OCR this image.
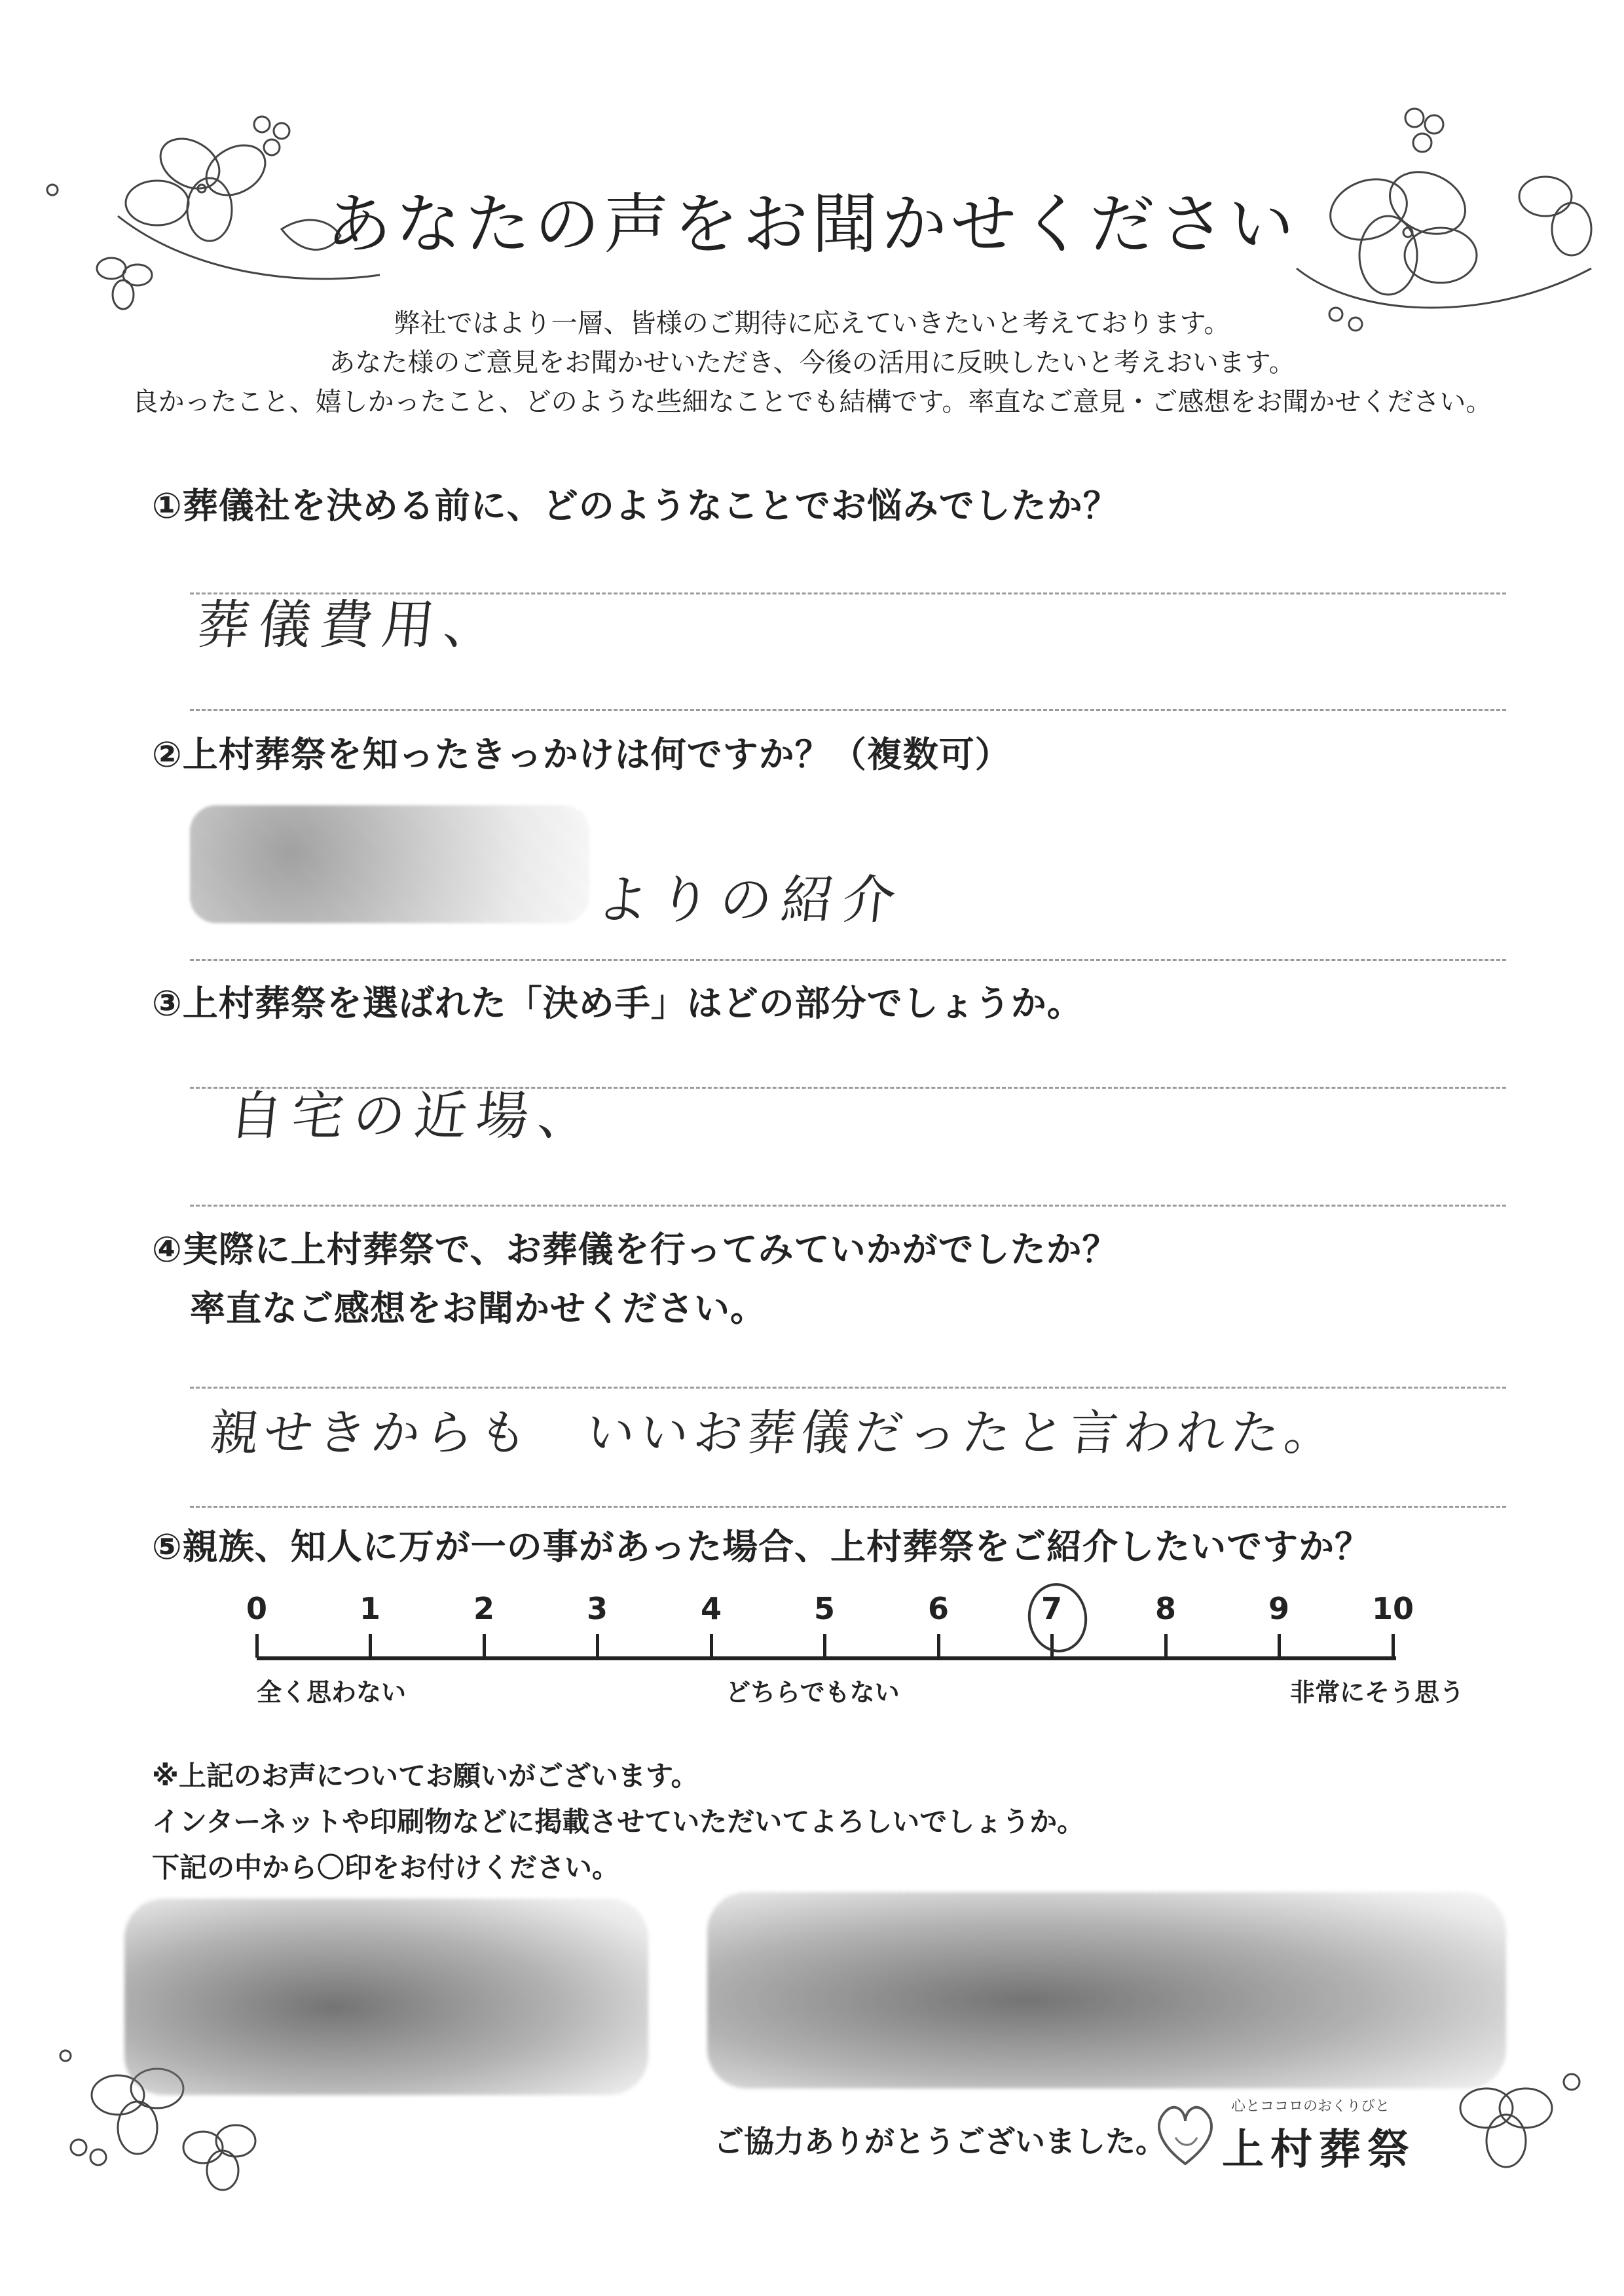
あなたの声をお聞かせください
弊社ではより一層、皆様のご期待に応えていきたいと考えております。
あなた様のご意見をお聞かせいただき、今後の活用に反映したいと考えおいます。
良かったこと、嬉しかったこと、どのような些細なことでも結構です。率直なご意見・ご感想をお聞かせください。
①葬儀社を決める前に、どのようなことでお悩みでしたか？
葬儀費用、
②上村葬祭を知ったきっかけは何ですか？（複数可）
よりの紹介
③上村葬祭を選ばれた「決め手」はどの部分でしょうか。
自宅の近場、
④実際に上村葬祭で、お葬儀を行ってみていかがでしたか？
率直なご感想をお聞かせください。
親せきからも　いいお葬儀だったと言われた。
⑤親族、知人に万が一の事があった場合、上村葬祭をご紹介したいですか？
0	1	2	3	4	5	6	7	8	9	10
全く思わない	どちらでもない	非常にそう思う
※上記のお声についてお願いがございます。
インターネットや印刷物などに掲載させていただいてよろしいでしょうか。
下記の中から〇印をお付けください。
ご協力ありがとうございました。
心とココロのおくりびと
上村葬祭
